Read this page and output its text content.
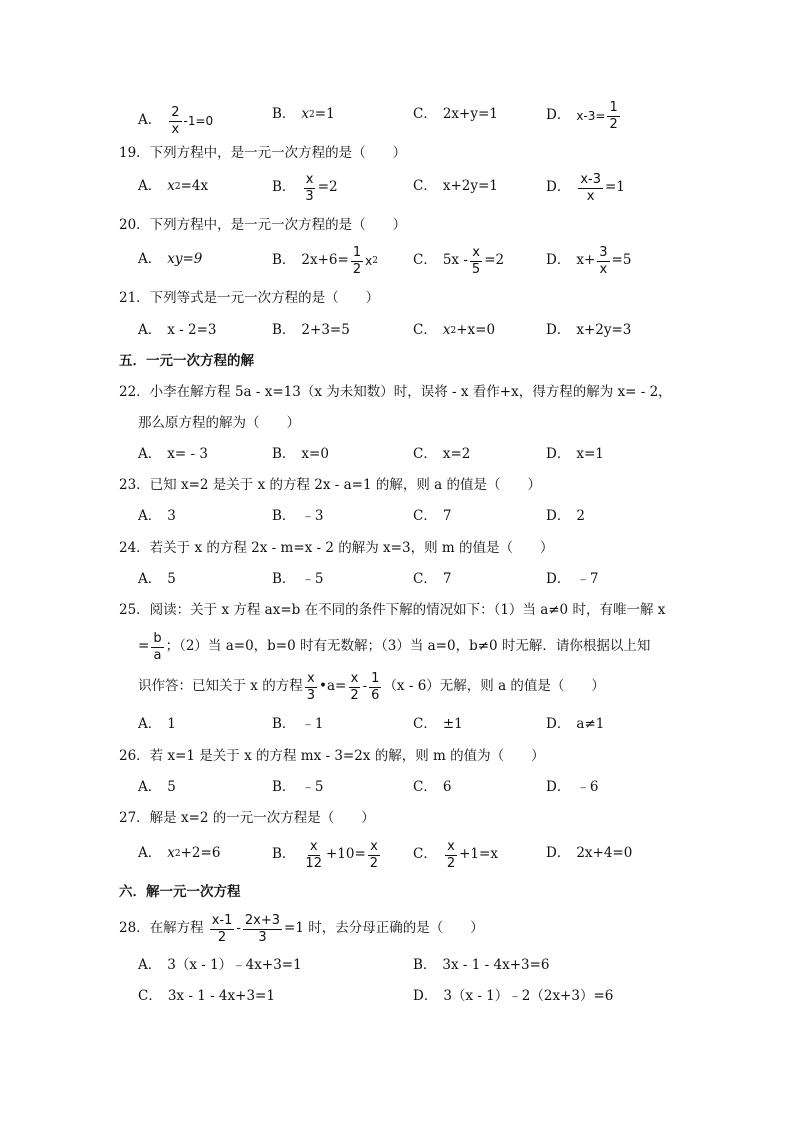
A． $\frac{2}{x} -1=0$	B． x 2 =1	C． 2x+y=1	D． $x-3= \frac{1}{2}$
19．下列方程中，是一元一次方程的是（　　）
A． x 2 =4x	B． $\frac{x}{3} =2$	C． x+2y=1	D． $\frac{x-3}{x} =1$
20．下列方程中，是一元一次方程的是（　　）
A． xy=9	B． $2x+6= \frac{1}{2}$ x 2	C． $5x - \frac{x}{5} =2$	D． $x+ \frac{3}{x} =5$
21．下列等式是一元一次方程的是（　　）
A． x - 2=3	B． 2+3=5	C． x 2 +x=0	D． x+2y=3
五．一元一次方程的解
22．小李在解方程 5a - x=13（x 为未知数）时，误将 - x 看作+x，得方程的解为 x= - 2，
那么原方程的解为（　　）
A． x= - 3	B． x=0	C． x=2	D． x=1
23．已知 x=2 是关于 x 的方程 2x - a=1 的解，则 a 的值是（　　）
A． 3	B． ﹣3	C． 7	D． 2
24．若关于 x 的方程 2x - m=x - 2 的解为 x=3，则 m 的值是（　　）
A． 5	B． ﹣5	C． 7	D． ﹣7
25．阅读：关于 x 方程 ax=b 在不同的条件下解的情况如下：（1）当 a≠0 时，有唯一解 x
= $\frac{b}{a}$ ；（2）当 a=0，b=0 时有无数解；（3）当 a=0，b≠0 时无解．请你根据以上知
识作答：已知关于 x 的方程 $\frac{x}{3}$ •a= $\frac{x}{2} - \frac{1}{6} (x - 6)$无解，则 a 的值是（　　）
A． 1	B． ﹣1	C． ±1	D． a≠1
26．若 x=1 是关于 x 的方程 mx - 3=2x 的解，则 m 的值为（　　）
A． 5	B． ﹣5	C． 6	D． ﹣6
27．解是 x=2 的一元一次方程是（　　）
A． x 2 +2=6	B． $\frac{x}{12} +10= \frac{x}{2}$ C． $\frac{x}{2} +1=x$	D． 2x+4=0
六．解一元一次方程
28．在解方程 $\frac{x-1}{2} - \frac{2x+3}{3} =1$ 时，去分母正确的是（　　）
A． 3（x - 1）﹣4x+3=1	B． 3x - 1 - 4x+3=6
C． 3x - 1 - 4x+3=1	D． 3（x - 1）﹣2（2x+3）=6
